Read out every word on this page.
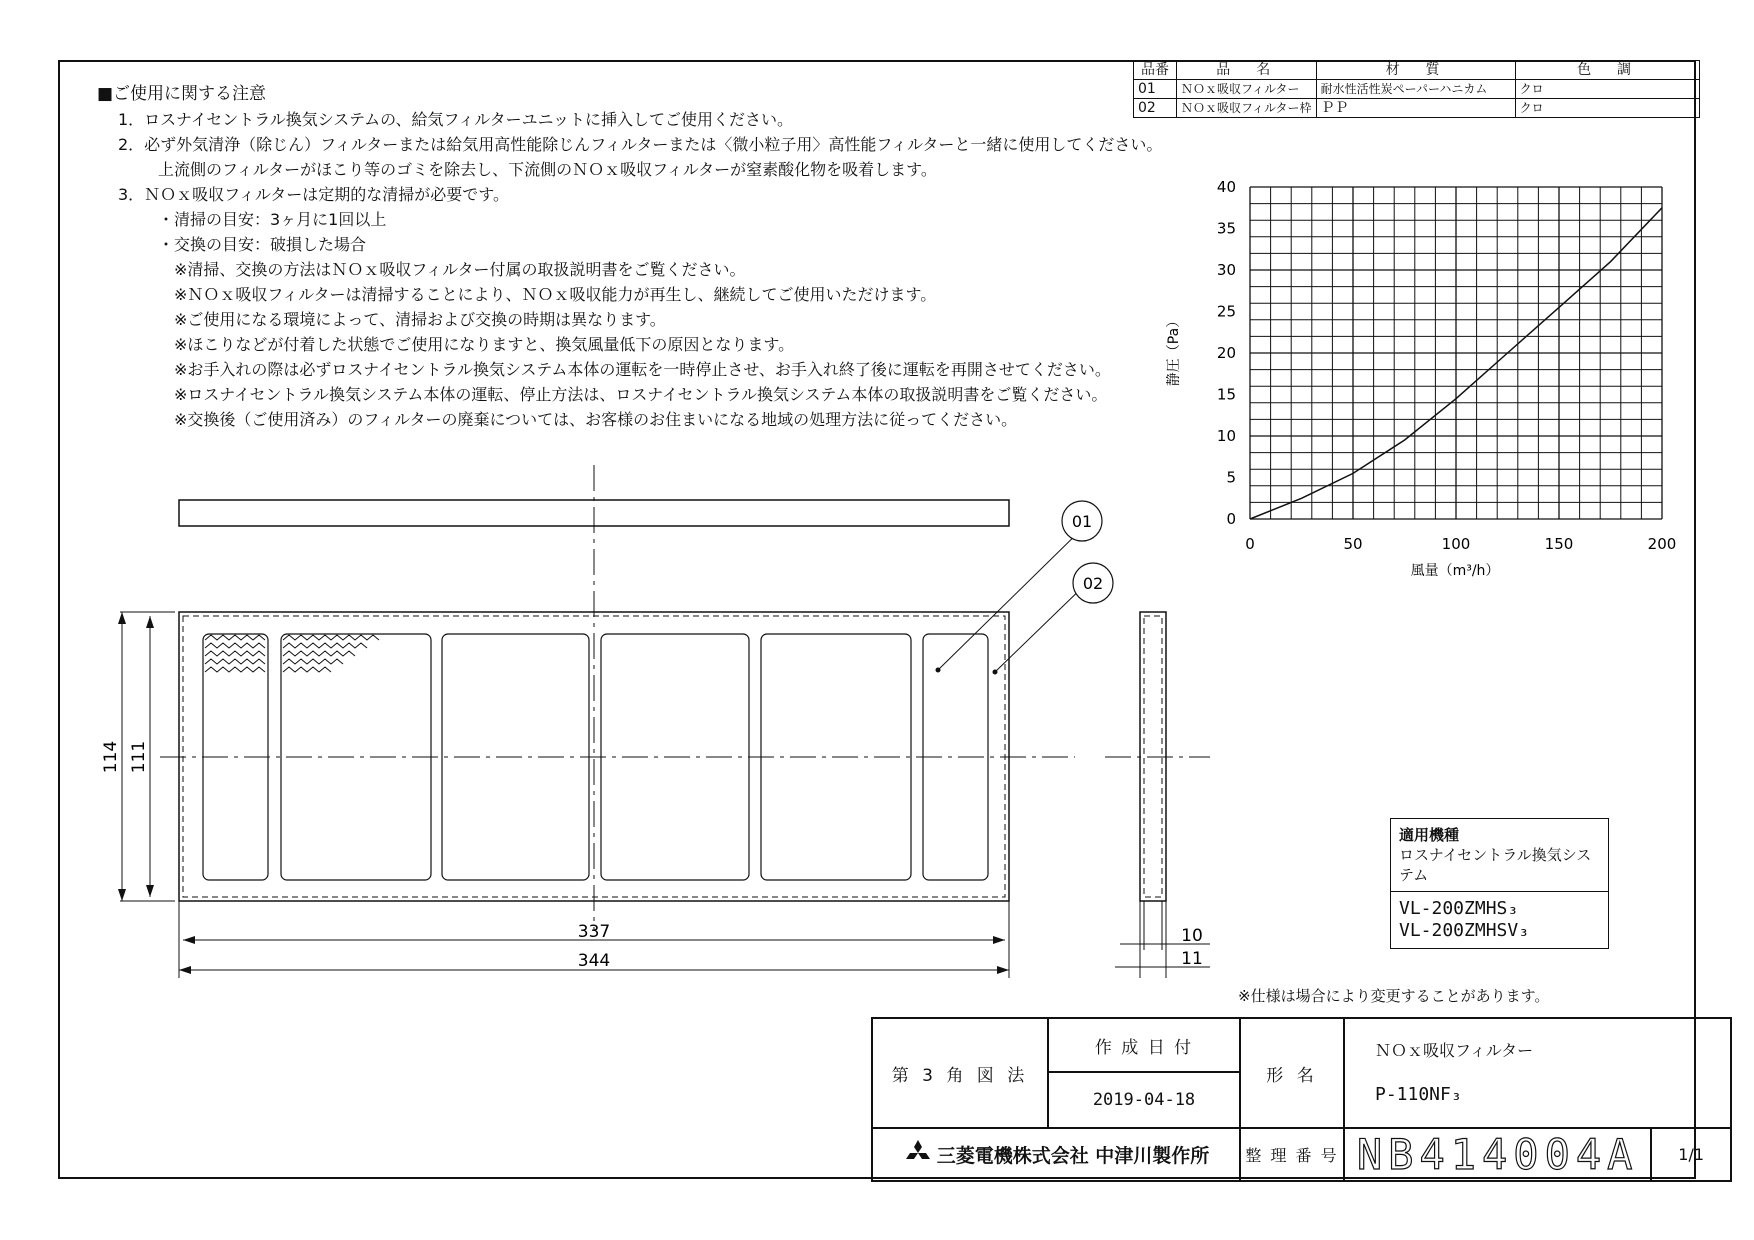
■ご使用に関する注意
1．ロスナイセントラル換気システムの、給気フィルターユニットに挿入してご使用ください。
2．必ず外気清浄（除じん）フィルターまたは給気用高性能除じんフィルターまたは〈微小粒子用〉高性能フィルターと一緒に使用してください。
上流側のフィルターがほこり等のゴミを除去し、下流側のＮＯｘ吸収フィルターが窒素酸化物を吸着します。
3．ＮＯｘ吸収フィルターは定期的な清掃が必要です。
・清掃の目安：3ヶ月に1回以上
・交換の目安：破損した場合
※清掃、交換の方法はＮＯｘ吸収フィルター付属の取扱説明書をご覧ください。
※ＮＯｘ吸収フィルターは清掃することにより、ＮＯｘ吸収能力が再生し、継続してご使用いただけます。
※ご使用になる環境によって、清掃および交換の時期は異なります。
※ほこりなどが付着した状態でご使用になりますと、換気風量低下の原因となります。
※お手入れの際は必ずロスナイセントラル換気システム本体の運転を一時停止させ、お手入れ終了後に運転を再開させてください。
※ロスナイセントラル換気システム本体の運転、停止方法は、ロスナイセントラル換気システム本体の取扱説明書をご覧ください。
※交換後（ご使用済み）のフィルターの廃棄については、お客様のお住まいになる地域の処理方法に従ってください。
品番	品　名	材　質	色　調
01	ＮＯｘ吸収フィルター	耐水性活性炭ペーパーハニカム	クロ
02	ＮＯｘ吸収フィルター枠	ＰＰ	クロ
0	50	100	150	200
0
5
10
15
20
25
30
35
40
風量（m³/h）
静圧（Pa）
01
02
114 111
337
344
10
11
適用機種
ロスナイセントラル換気システム
VL-200ZMHS₃
VL-200ZMHSV₃
※仕様は場合により変更することがあります。
第 3 角 図 法	作 成 日 付	形 名	ＮＯｘ吸収フィルター
P-110NF₃	

	2019-04-18			
三菱電機株式会社 中津川製作所		整 理 番 号	NB414004A	1/1
